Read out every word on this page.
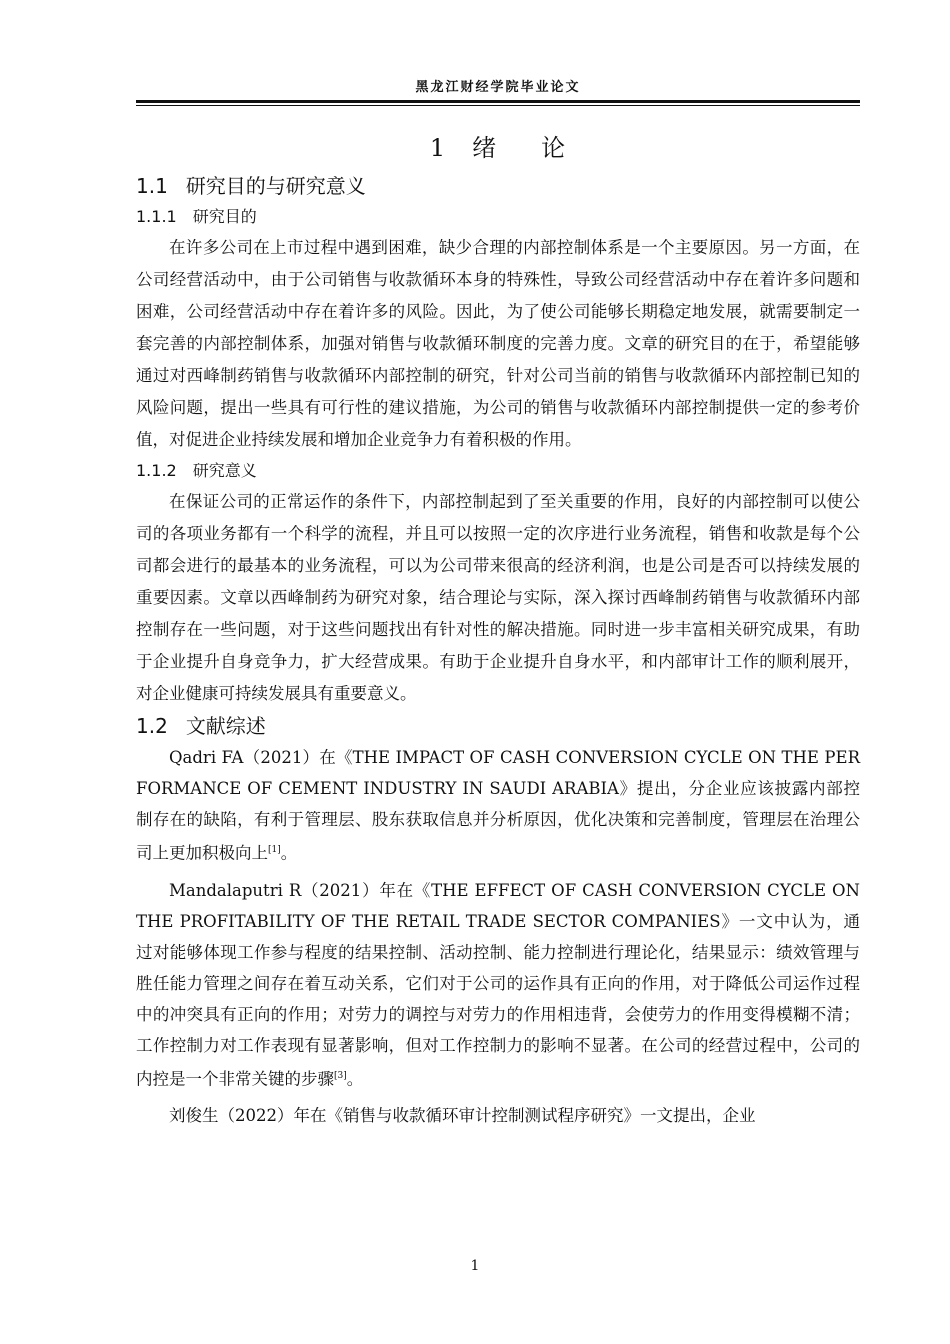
黑龙江财经学院毕业论文
1 绪 论
1.1 研究目的与研究意义
1.1.1 研究目的

在许多公司在上市过程中遇到困难，缺少合理的内部控制体系是一个主要原因。另一方面，在公司经营活动中，由于公司销售与收款循环本身的特殊性，导致公司经营活动中存在着许多问题和困难，公司经营活动中存在着许多的风险。因此，为了使公司能够长期稳定地发展，就需要制定一套完善的内部控制体系，加强对销售与收款循环制度的完善力度。文章的研究目的在于，希望能够通过对西峰制药销售与收款循环内部控制的研究，针对公司当前的销售与收款循环内部控制已知的风险问题，提出一些具有可行性的建议措施，为公司的销售与收款循环内部控制提供一定的参考价值，对促进企业持续发展和增加企业竞争力有着积极的作用。

1.1.2 研究意义

在保证公司的正常运作的条件下，内部控制起到了至关重要的作用，良好的内部控制可以使公司的各项业务都有一个科学的流程，并且可以按照一定的次序进行业务流程，销售和收款是每个公司都会进行的最基本的业务流程，可以为公司带来很高的经济利润，也是公司是否可以持续发展的重要因素。文章以西峰制药为研究对象，结合理论与实际，深入探讨西峰制药销售与收款循环内部控制存在一些问题，对于这些问题找出有针对性的解决措施。同时进一步丰富相关研究成果，有助于企业提升自身竞争力，扩大经营成果。有助于企业提升自身水平，和内部审计工作的顺利展开，对企业健康可持续发展具有重要意义。

1.2 文献综述

Qadri FA（2021）在《THE IMPACT OF CASH CONVERSION CYCLE ON THE PERFORMANCE OF CEMENT INDUSTRY IN SAUDI ARABIA》提出，分企业应该披露内部控制存在的缺陷，有利于管理层、股东获取信息并分析原因，优化决策和完善制度，管理层在治理公司上更加积极向上[1]。

Mandalaputri R（2021）年在《THE EFFECT OF CASH CONVERSION CYCLE ON THE PROFITABILITY OF THE RETAIL TRADE SECTOR COMPANIES》一文中认为，通过对能够体现工作参与程度的结果控制、活动控制、能力控制进行理论化，结果显示：绩效管理与胜任能力管理之间存在着互动关系，它们对于公司的运作具有正向的作用，对于降低公司运作过程中的冲突具有正向的作用；对劳力的调控与对劳力的作用相违背，会使劳力的作用变得模糊不清；工作控制力对工作表现有显著影响，但对工作控制力的影响不显著。在公司的经营过程中，公司的内控是一个非常关键的步骤[3]。

刘俊生（2022）年在《销售与收款循环审计控制测试程序研究》一文提出，企业

1
